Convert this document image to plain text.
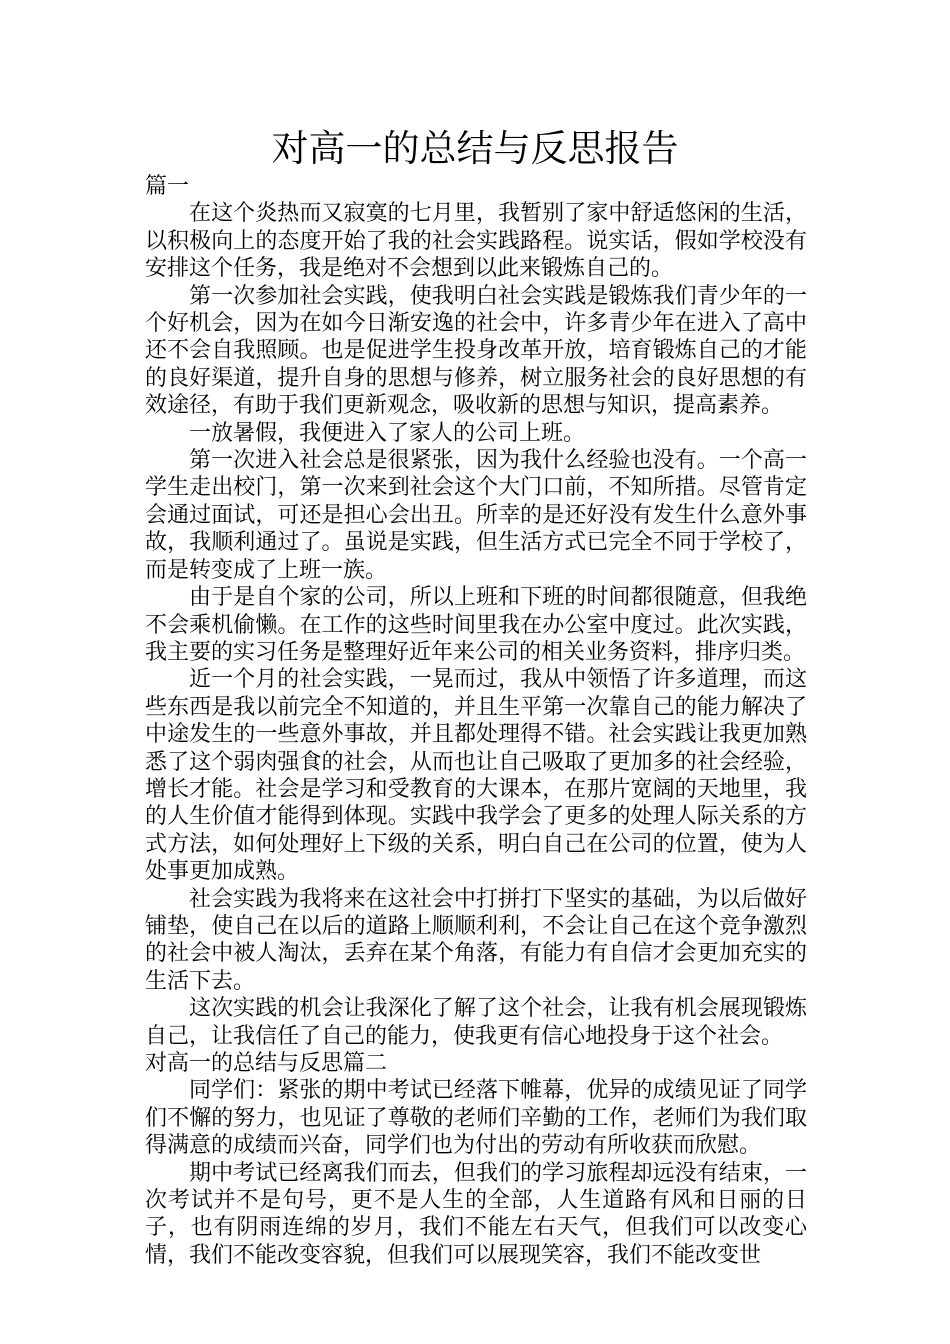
对高一的总结与反思报告

篇一

在这个炎热而又寂寞的七月里，我暂别了家中舒适悠闲的生活，以积极向上的态度开始了我的社会实践路程。说实话，假如学校没有安排这个任务，我是绝对不会想到以此来锻炼自己的。

第一次参加社会实践，使我明白社会实践是锻炼我们青少年的一个好机会，因为在如今日渐安逸的社会中，许多青少年在进入了高中还不会自我照顾。也是促进学生投身改革开放，培育锻炼自己的才能的良好渠道，提升自身的思想与修养，树立服务社会的良好思想的有效途径，有助于我们更新观念，吸收新的思想与知识，提高素养。

一放暑假，我便进入了家人的公司上班。

第一次进入社会总是很紧张，因为我什么经验也没有。一个高一学生走出校门，第一次来到社会这个大门口前，不知所措。尽管肯定会通过面试，可还是担心会出丑。所幸的是还好没有发生什么意外事故，我顺利通过了。虽说是实践，但生活方式已完全不同于学校了，而是转变成了上班一族。

由于是自个家的公司，所以上班和下班的时间都很随意，但我绝不会乘机偷懒。在工作的这些时间里我在办公室中度过。此次实践，我主要的实习任务是整理好近年来公司的相关业务资料，排序归类。

近一个月的社会实践，一晃而过，我从中领悟了许多道理，而这些东西是我以前完全不知道的，并且生平第一次靠自己的能力解决了中途发生的一些意外事故，并且都处理得不错。社会实践让我更加熟悉了这个弱肉强食的社会，从而也让自己吸取了更加多的社会经验，增长才能。社会是学习和受教育的大课本，在那片宽阔的天地里，我的人生价值才能得到体现。实践中我学会了更多的处理人际关系的方式方法，如何处理好上下级的关系，明白自己在公司的位置，使为人处事更加成熟。

社会实践为我将来在这社会中打拼打下坚实的基础，为以后做好铺垫，使自己在以后的道路上顺顺利利，不会让自己在这个竞争激烈的社会中被人淘汰，丢弃在某个角落，有能力有自信才会更加充实的生活下去。

这次实践的机会让我深化了解了这个社会，让我有机会展现锻炼自己，让我信任了自己的能力，使我更有信心地投身于这个社会。

对高一的总结与反思篇二

同学们：紧张的期中考试已经落下帷幕，优异的成绩见证了同学们不懈的努力，也见证了尊敬的老师们辛勤的工作，老师们为我们取得满意的成绩而兴奋，同学们也为付出的劳动有所收获而欣慰。

期中考试已经离我们而去，但我们的学习旅程却远没有结束，一次考试并不是句号，更不是人生的全部，人生道路有风和日丽的日子，也有阴雨连绵的岁月，我们不能左右天气，但我们可以改变心情，我们不能改变容貌，但我们可以展现笑容，我们不能改变世
